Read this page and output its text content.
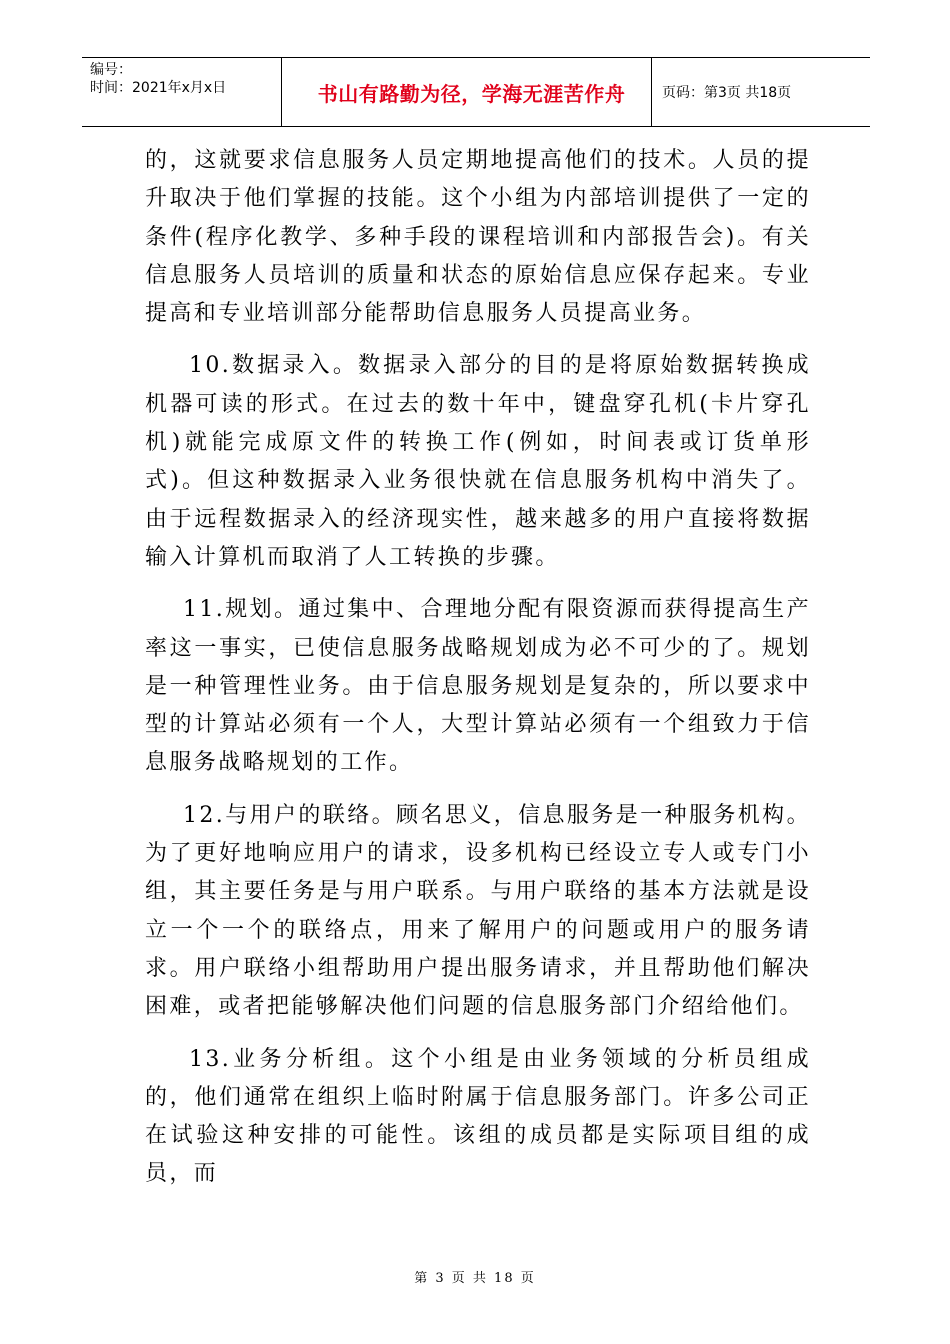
编号：
时间：2021年x月x日	书山有路勤为径，学海无涯苦作舟	页码：第3页 共18页

的，这就要求信息服务人员定期地提高他们的技术。人员的提升取决于他们掌握的技能。这个小组为内部培训提供了一定的条件(程序化教学、多种手段的课程培训和内部报告会)。有关信息服务人员培训的质量和状态的原始信息应保存起来。专业提高和专业培训部分能帮助信息服务人员提高业务。

10.数据录入。数据录入部分的目的是将原始数据转换成机器可读的形式。在过去的数十年中，键盘穿孔机(卡片穿孔机)就能完成原文件的转换工作(例如，时间表或订货单形式)。但这种数据录入业务很快就在信息服务机构中消失了。由于远程数据录入的经济现实性，越来越多的用户直接将数据输入计算机而取消了人工转换的步骤。

11.规划。通过集中、合理地分配有限资源而获得提高生产率这一事实，已使信息服务战略规划成为必不可少的了。规划是一种管理性业务。由于信息服务规划是复杂的，所以要求中型的计算站必须有一个人，大型计算站必须有一个组致力于信息服务战略规划的工作。

12.与用户的联络。顾名思义，信息服务是一种服务机构。为了更好地响应用户的请求，设多机构已经设立专人或专门小组，其主要任务是与用户联系。与用户联络的基本方法就是设立一个一个的联络点，用来了解用户的问题或用户的服务请求。用户联络小组帮助用户提出服务请求，并且帮助他们解决困难，或者把能够解决他们问题的信息服务部门介绍给他们。

13.业务分析组。这个小组是由业务领域的分析员组成的，他们通常在组织上临时附属于信息服务部门。许多公司正在试验这种安排的可能性。该组的成员都是实际项目组的成员，而

第 3 页 共 18 页
